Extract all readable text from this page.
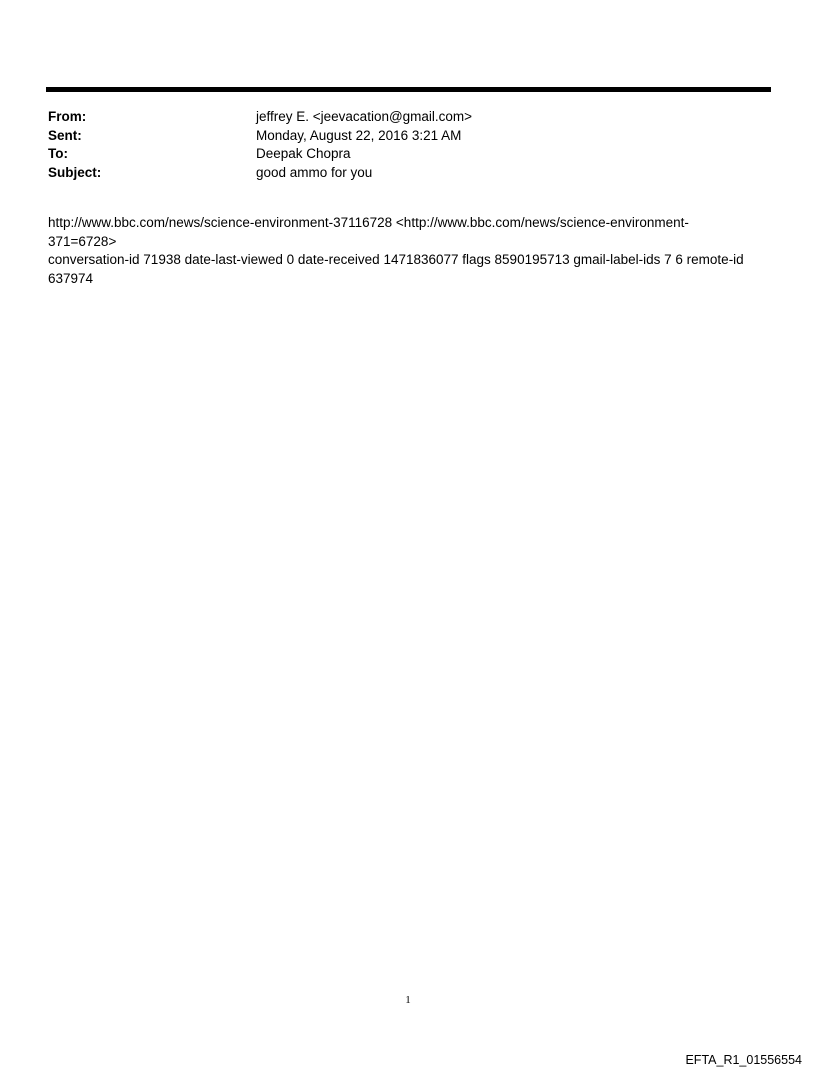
From:	jeffrey E. <jeevacation@gmail.com>
Sent:	Monday, August 22, 2016 3:21 AM
To:	Deepak Chopra
Subject:	good ammo for you
http://www.bbc.com/news/science-environment-37116728 <http://www.bbc.com/news/science-environment-
371=6728>
conversation-id 71938 date-last-viewed 0 date-received 1471836077 flags 8590195713 gmail-label-ids 7 6 remote-id
637974
1
EFTA_R1_01556554
